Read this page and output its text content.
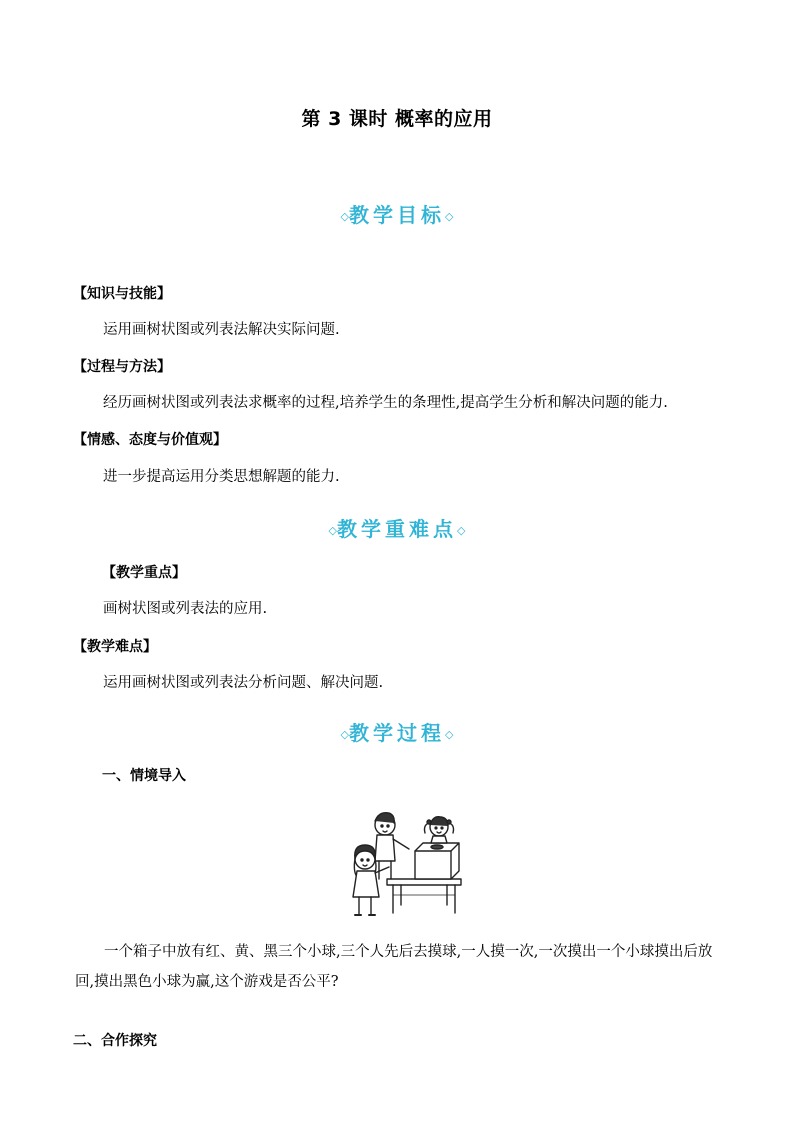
第 3 课时 概率的应用
◇教学目标◇
【知识与技能】
运用画树状图或列表法解决实际问题.
【过程与方法】
经历画树状图或列表法求概率的过程,培养学生的条理性,提高学生分析和解决问题的能力.
【情感、态度与价值观】
进一步提高运用分类思想解题的能力.
◇教学重难点◇
【教学重点】
画树状图或列表法的应用.
【教学难点】
运用画树状图或列表法分析问题、解决问题.
◇教学过程◇
一、情境导入
一个箱子中放有红、黄、黑三个小球,三个人先后去摸球,一人摸一次,一次摸出一个小球摸出后放回,摸出黑色小球为赢,这个游戏是否公平?
二、合作探究
